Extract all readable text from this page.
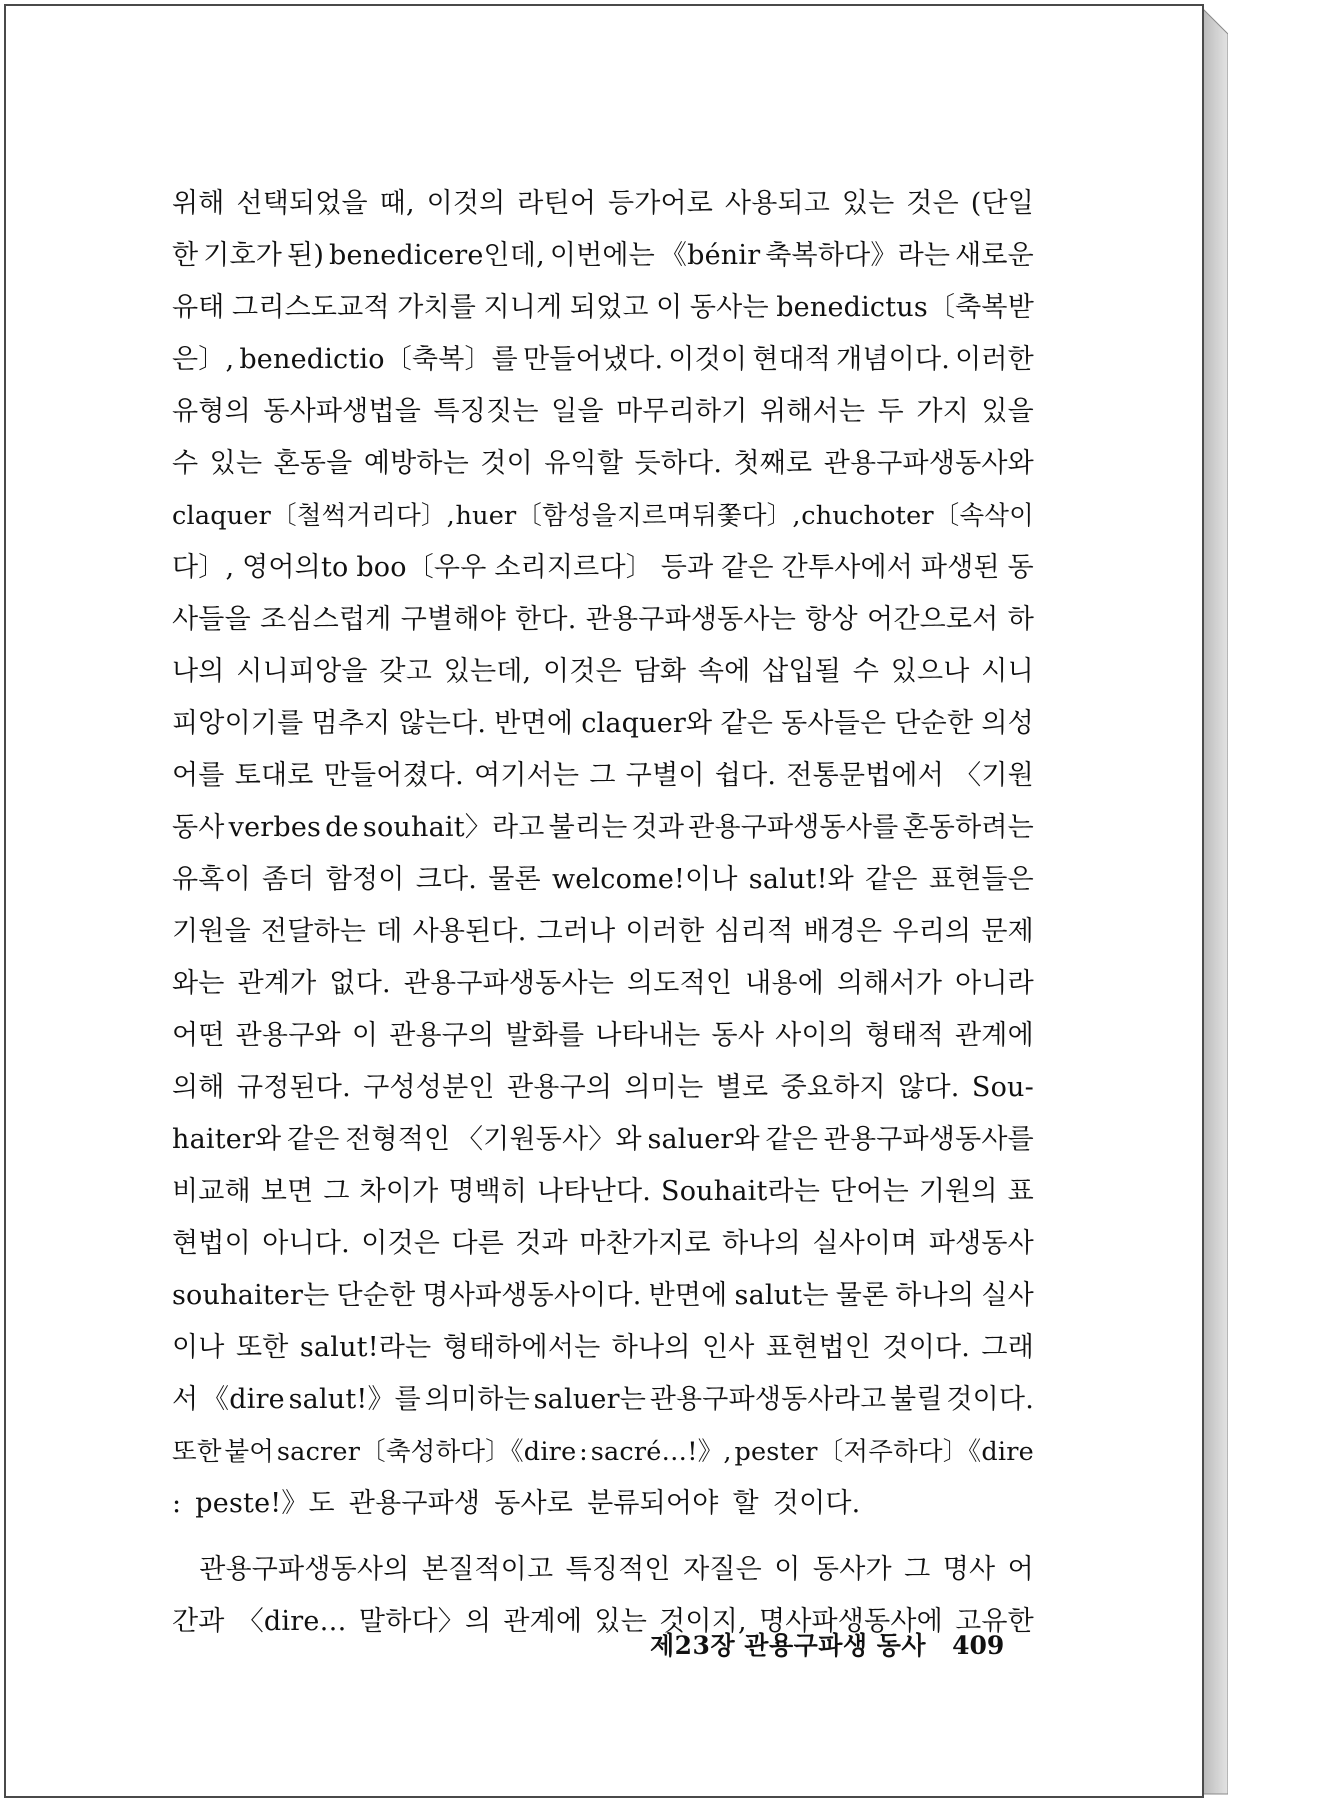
위해 선택되었을 때, 이것의 라틴어 등가어로 사용되고 있는 것은 (단일
한 기호가 된) benedicere인데, 이번에는 《bénir 축복하다》라는 새로운
유태 그리스도교적 가치를 지니게 되었고 이 동사는 benedictus〔축복받
은〕, benedictio〔축복〕를 만들어냈다. 이것이 현대적 개념이다. 이러한
유형의 동사파생법을 특징짓는 일을 마무리하기 위해서는 두 가지 있을
수 있는 혼동을 예방하는 것이 유익할 듯하다. 첫째로 관용구파생동사와
claquer〔철썩거리다〕, huer〔함성을 지르며 뒤쫓다〕, chuchoter〔속삭이
다〕, 영어의to boo〔우우 소리지르다〕 등과 같은 간투사에서 파생된 동
사들을 조심스럽게 구별해야 한다. 관용구파생동사는 항상 어간으로서 하
나의 시니피앙을 갖고 있는데, 이것은 담화 속에 삽입될 수 있으나 시니
피앙이기를 멈추지 않는다. 반면에 claquer와 같은 동사들은 단순한 의성
어를 토대로 만들어졌다. 여기서는 그 구별이 쉽다. 전통문법에서 〈기원
동사 verbes de souhait〉라고 불리는 것과 관용구파생동사를 혼동하려는
유혹이 좀더 함정이 크다. 물론 welcome!이나 salut!와 같은 표현들은
기원을 전달하는 데 사용된다. 그러나 이러한 심리적 배경은 우리의 문제
와는 관계가 없다. 관용구파생동사는 의도적인 내용에 의해서가 아니라
어떤 관용구와 이 관용구의 발화를 나타내는 동사 사이의 형태적 관계에
의해 규정된다. 구성성분인 관용구의 의미는 별로 중요하지 않다. Sou-
haiter와 같은 전형적인 〈기원동사〉와 saluer와 같은 관용구파생동사를
비교해 보면 그 차이가 명백히 나타난다. Souhait라는 단어는 기원의 표
현법이 아니다. 이것은 다른 것과 마찬가지로 하나의 실사이며 파생동사
souhaiter는 단순한 명사파생동사이다. 반면에 salut는 물론 하나의 실사
이나 또한 salut!라는 형태하에서는 하나의 인사 표현법인 것이다. 그래
서 《dire salut!》를 의미하는 saluer는 관용구파생동사라고 불릴 것이다.
또한 붙어 sacrer〔축성하다〕《dire : sacré…!》, pester〔저주하다〕《dire
: peste!》도 관용구파생 동사로 분류되어야 할 것이다.
　관용구파생동사의 본질적이고 특징적인 자질은 이 동사가 그 명사 어
간과 〈dire… 말하다〉의 관계에 있는 것이지, 명사파생동사에 고유한
제23장 관용구파생 동사 409
